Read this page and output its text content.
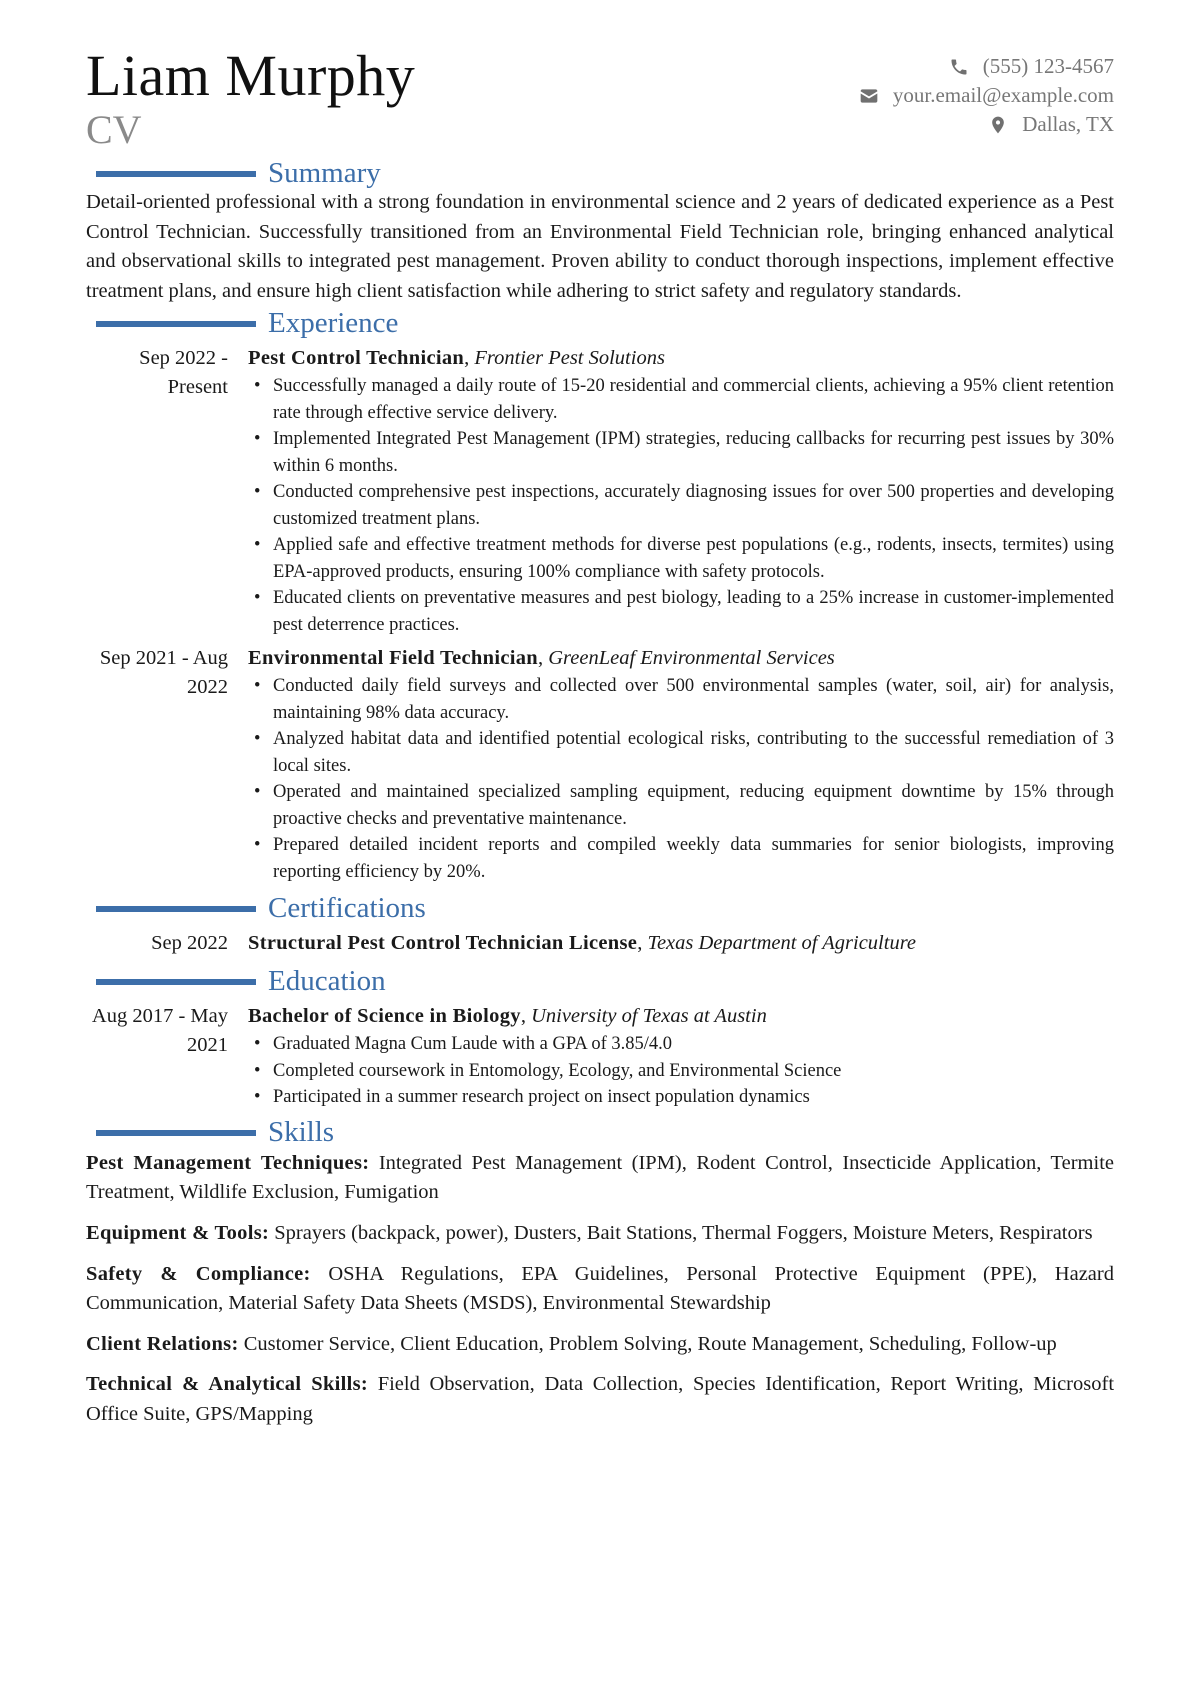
Liam Murphy
CV
(555) 123-4567
your.email@example.com
Dallas, TX
Summary

Detail-oriented professional with a strong foundation in environmental science and 2 years of dedicated experience as a Pest Control Technician. Successfully transitioned from an Environmental Field Technician role, bringing enhanced analytical and observational skills to integrated pest management. Proven ability to conduct thorough inspections, implement effective treatment plans, and ensure high client satisfaction while adhering to strict safety and regulatory standards.

Experience
Sep 2022 - Present
Pest Control Technician, Frontier Pest Solutions
• Successfully managed a daily route of 15-20 residential and commercial clients, achieving a 95% client retention rate through effective service delivery.
• Implemented Integrated Pest Management (IPM) strategies, reducing callbacks for recurring pest issues by 30% within 6 months.
• Conducted comprehensive pest inspections, accurately diagnosing issues for over 500 properties and developing customized treatment plans.
• Applied safe and effective treatment methods for diverse pest populations (e.g., rodents, insects, termites) using EPA-approved products, ensuring 100% compliance with safety protocols.
• Educated clients on preventative measures and pest biology, leading to a 25% increase in customer-implemented pest deterrence practices.
Sep 2021 - Aug 2022
Environmental Field Technician, GreenLeaf Environmental Services
• Conducted daily field surveys and collected over 500 environmental samples (water, soil, air) for analysis, maintaining 98% data accuracy.
• Analyzed habitat data and identified potential ecological risks, contributing to the successful remediation of 3 local sites.
• Operated and maintained specialized sampling equipment, reducing equipment downtime by 15% through proactive checks and preventative maintenance.
• Prepared detailed incident reports and compiled weekly data summaries for senior biologists, improving reporting efficiency by 20%.
Certifications
Sep 2022 Structural Pest Control Technician License, Texas Department of Agriculture
Education
Aug 2017 - May 2021
Bachelor of Science in Biology, University of Texas at Austin
• Graduated Magna Cum Laude with a GPA of 3.85/4.0
• Completed coursework in Entomology, Ecology, and Environmental Science
• Participated in a summer research project on insect population dynamics
Skills
Pest Management Techniques: Integrated Pest Management (IPM), Rodent Control, Insecticide Application, Termite Treatment, Wildlife Exclusion, Fumigation
Equipment & Tools: Sprayers (backpack, power), Dusters, Bait Stations, Thermal Foggers, Moisture Meters, Respirators
Safety & Compliance: OSHA Regulations, EPA Guidelines, Personal Protective Equipment (PPE), Hazard Communication, Material Safety Data Sheets (MSDS), Environmental Stewardship
Client Relations: Customer Service, Client Education, Problem Solving, Route Management, Scheduling, Follow-up
Technical & Analytical Skills: Field Observation, Data Collection, Species Identification, Report Writing, Microsoft Office Suite, GPS/Mapping
